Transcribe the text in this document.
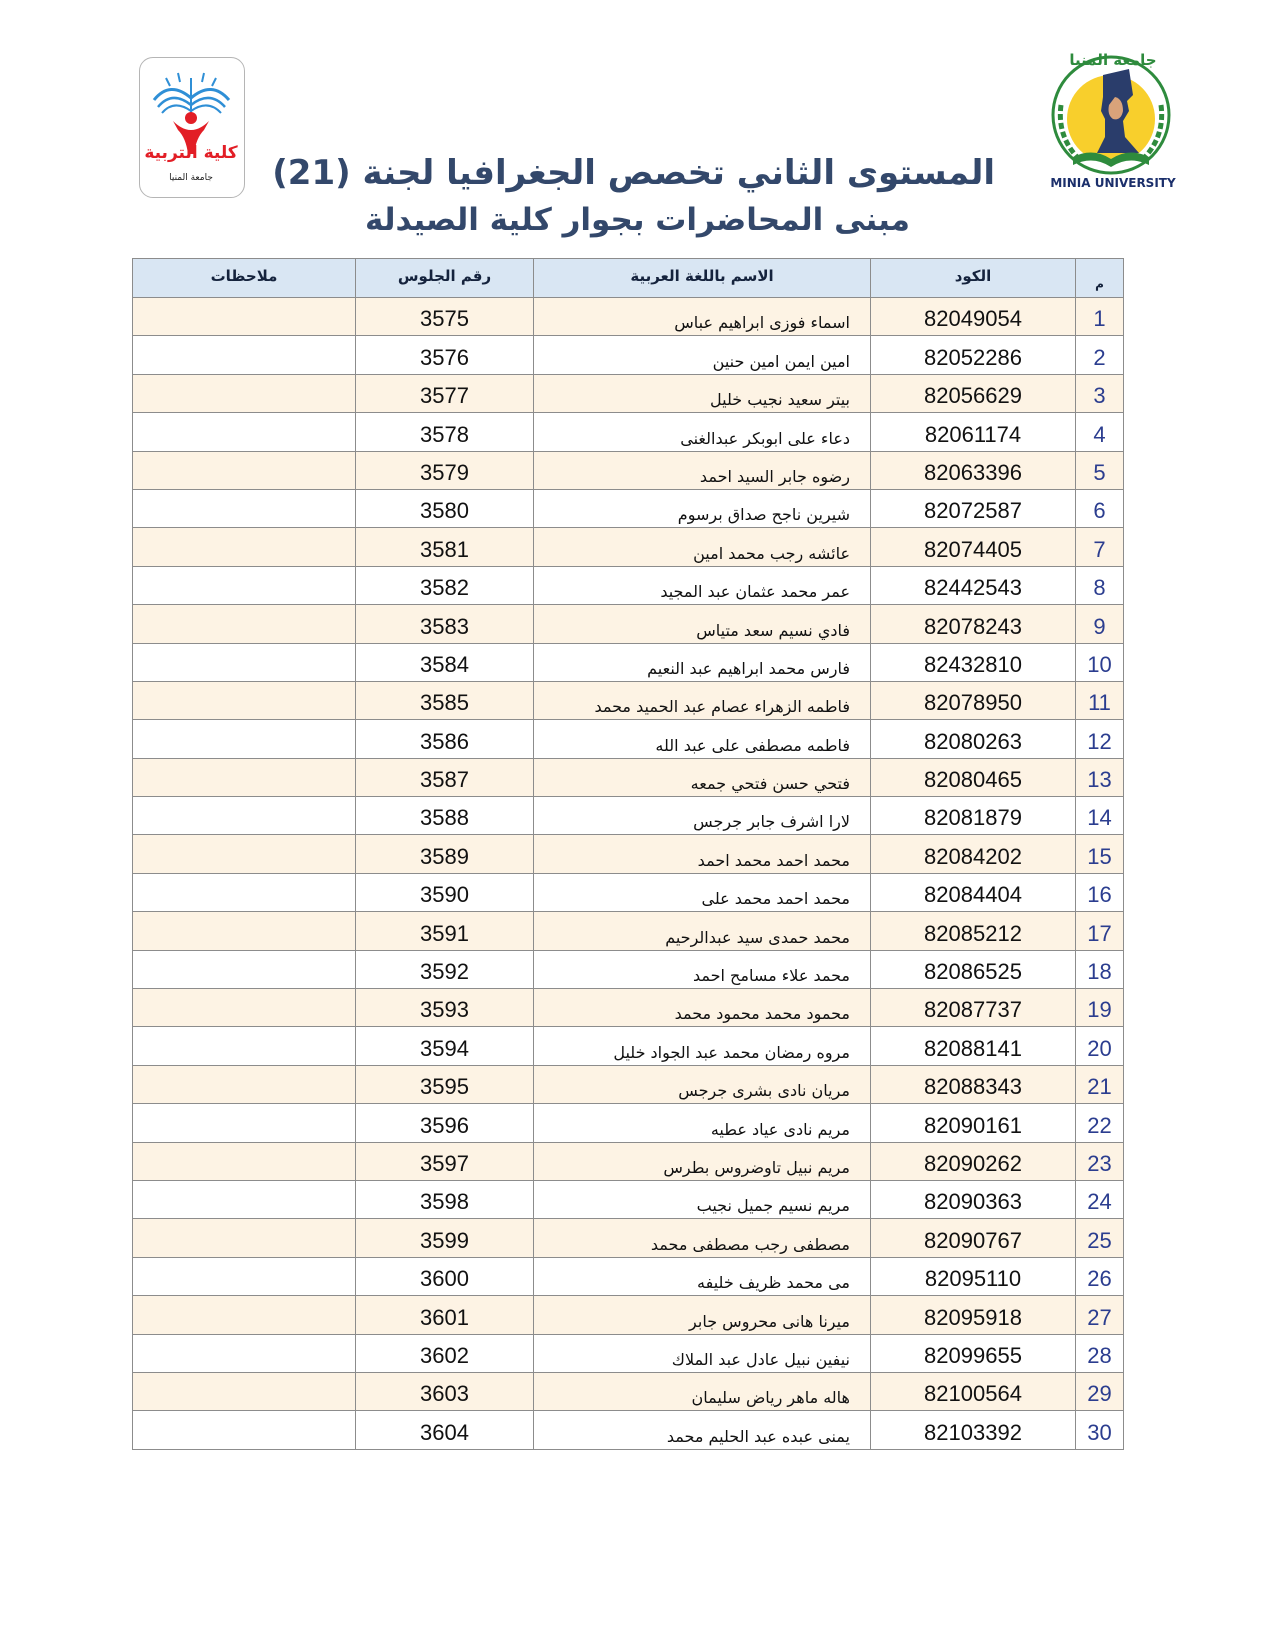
كلية التربية
جامعة المنيا
جامعة المنيا
MINIA UNIVERSITY
المستوى الثاني تخصص الجغرافيا لجنة (21)
مبنى المحاضرات بجوار كلية الصيدلة
م	الكود	الاسم باللغة العربية	رقم الجلوس	ملاحظات

1	82049054	اسماء فوزى ابراهيم عباس	3575	

2	82052286	امين ايمن امين حنين	3576	

3	82056629	بيتر سعيد نجيب خليل	3577	

4	82061174	دعاء على ابوبكر عبدالغنى	3578	

5	82063396	رضوه جابر السيد احمد	3579	

6	82072587	شيرين ناجح صداق برسوم	3580	

7	82074405	عائشه رجب محمد امين	3581	

8	82442543	عمر محمد عثمان عبد المجيد	3582	

9	82078243	فادي نسيم سعد متياس	3583	

10	82432810	فارس محمد ابراهيم عبد النعيم	3584	

11	82078950	فاطمه الزهراء عصام عبد الحميد محمد	3585	

12	82080263	فاطمه مصطفى على عبد الله	3586	

13	82080465	فتحي حسن فتحي جمعه	3587	

14	82081879	لارا اشرف جابر جرجس	3588	

15	82084202	محمد احمد محمد احمد	3589	

16	82084404	محمد احمد محمد على	3590	

17	82085212	محمد حمدى سيد عبدالرحيم	3591	

18	82086525	محمد علاء مسامح احمد	3592	

19	82087737	محمود محمد محمود محمد	3593	

20	82088141	مروه رمضان محمد عبد الجواد خليل	3594	

21	82088343	مريان نادى بشرى جرجس	3595	

22	82090161	مريم نادى عياد عطيه	3596	

23	82090262	مريم نبيل تاوضروس بطرس	3597	

24	82090363	مريم نسيم جميل نجيب	3598	

25	82090767	مصطفى رجب مصطفى محمد	3599	

26	82095110	مى محمد ظريف خليفه	3600	

27	82095918	ميرنا هانى محروس جابر	3601	

28	82099655	نيفين نبيل عادل عبد الملاك	3602	

29	82100564	هاله ماهر رياض سليمان	3603	

30	82103392	يمنى عبده عبد الحليم محمد	3604	
